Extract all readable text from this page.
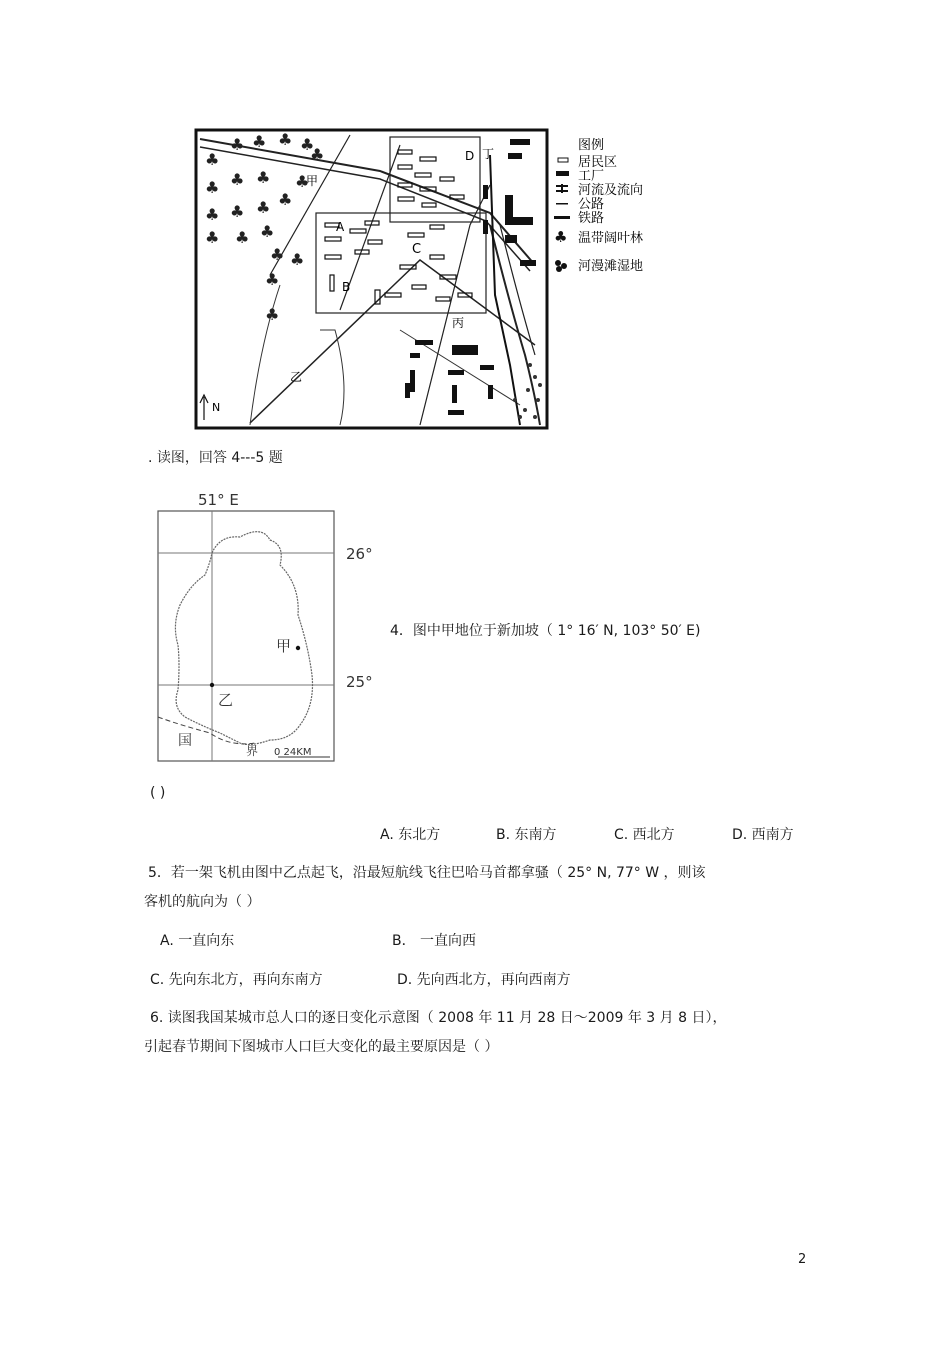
♣
♣ ♣ ♣ ♣
♣ ♣ ♣
♣ ♣ ♣ ♣
♣ ♣ ♣
♣ ♣
♣
♣
♣
♣
甲
A
B
C
D 丁
丙
乙
N
图例
居民区
工厂
河流及流向
公路
铁路
♣ 温带阔叶林
河漫滩湿地
. 读图，回答 4---5 题
51° E
26°
25°
甲
乙
国
界 0 24KM
4．图中甲地位于新加坡（ 1° 16′ N, 103° 50′ E)
( )
A. 东北方	B. 东南方	C. 西北方	D. 西南方
5．若一架飞机由图中乙点起飞，沿最短航线飞往巴哈马首都拿骚（ 25° N, 77° W ，则该
客机的航向为（ ）
A. 一直向东	B． 一直向西
C. 先向东北方，再向东南方	D. 先向西北方，再向西南方
6. 读图我国某城市总人口的逐日变化示意图（ 2008 年 11 月 28 日～2009 年 3 月 8 日），
引起春节期间下图城市人口巨大变化的最主要原因是（ ）
2
